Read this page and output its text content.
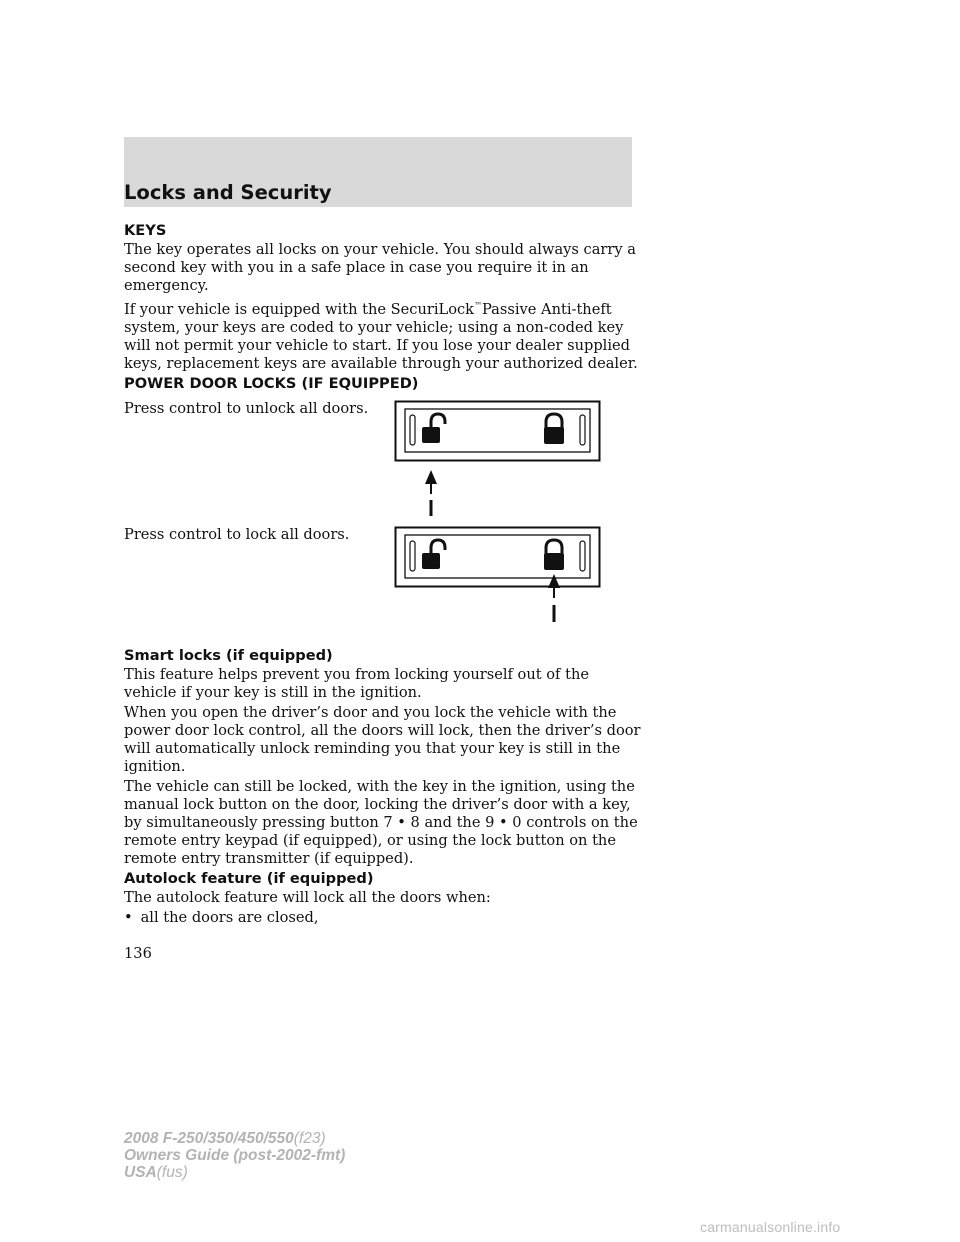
Locks and Security
KEYS

The key operates all locks on your vehicle. You should always carry a second key with you in a safe place in case you require it in an emergency.

If your vehicle is equipped with the SecuriLock™Passive Anti-theft system, your keys are coded to your vehicle; using a non-coded key will not permit your vehicle to start. If you lose your dealer supplied keys, replacement keys are available through your authorized dealer.

POWER DOOR LOCKS (IF EQUIPPED)

Press control to unlock all doors.

Press control to lock all doors.

Smart locks (if equipped)

This feature helps prevent you from locking yourself out of the vehicle if your key is still in the ignition.

When you open the driver’s door and you lock the vehicle with the power door lock control, all the doors will lock, then the driver’s door will automatically unlock reminding you that your key is still in the ignition.

The vehicle can still be locked, with the key in the ignition, using the manual lock button on the door, locking the driver’s door with a key, by simultaneously pressing button 7 • 8 and the 9 • 0 controls on the remote entry keypad (if equipped), or using the lock button on the remote entry transmitter (if equipped).

Autolock feature (if equipped)

The autolock feature will lock all the doors when:

• all the doors are closed,

136
2008 F-250/350/450/550(f23)
Owners Guide (post-2002-fmt)
USA(fus)
carmanualsonline.info
